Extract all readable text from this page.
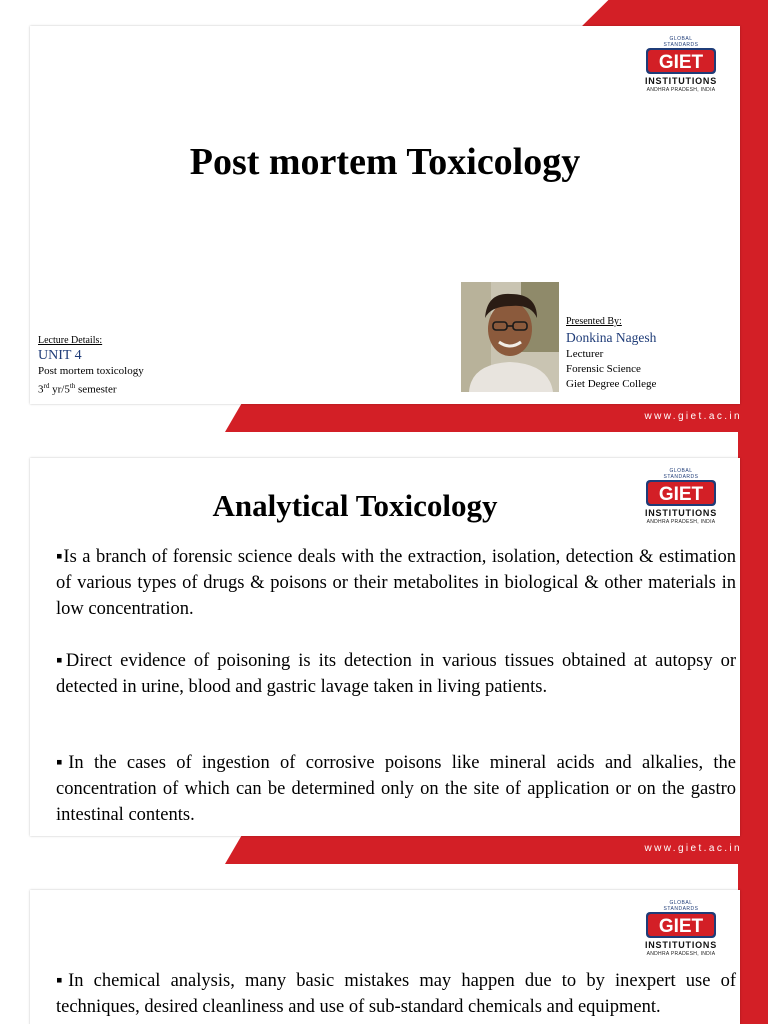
www.giet.ac.in
GLOBAL STANDARDS
GIET
INSTITUTIONS
ANDHRA PRADESH, INDIA
Post mortem Toxicology
Lecture Details:
UNIT 4
Post mortem toxicology
3rd yr/5th semester
Presented By:
Donkina Nagesh
Lecturer
Forensic Science
Giet Degree College
www.giet.ac.in
GLOBAL STANDARDS
GIET
INSTITUTIONS
ANDHRA PRADESH, INDIA
Analytical Toxicology
▪Is a branch of forensic science deals with the extraction, isolation, detection & estimation of various types of drugs & poisons or their metabolites in biological & other materials in low concentration.
▪Direct evidence of poisoning is its detection in various tissues obtained at autopsy or detected in urine, blood and gastric lavage taken in living patients.
▪In the cases of ingestion of corrosive poisons like mineral acids and alkalies, the concentration of which can be determined only on the site of application or on the gastro intestinal contents.
GLOBAL STANDARDS
GIET
INSTITUTIONS
ANDHRA PRADESH, INDIA
▪In chemical analysis, many basic mistakes may happen due to by inexpert use of techniques, desired cleanliness and use of sub-standard chemicals and equipment.
